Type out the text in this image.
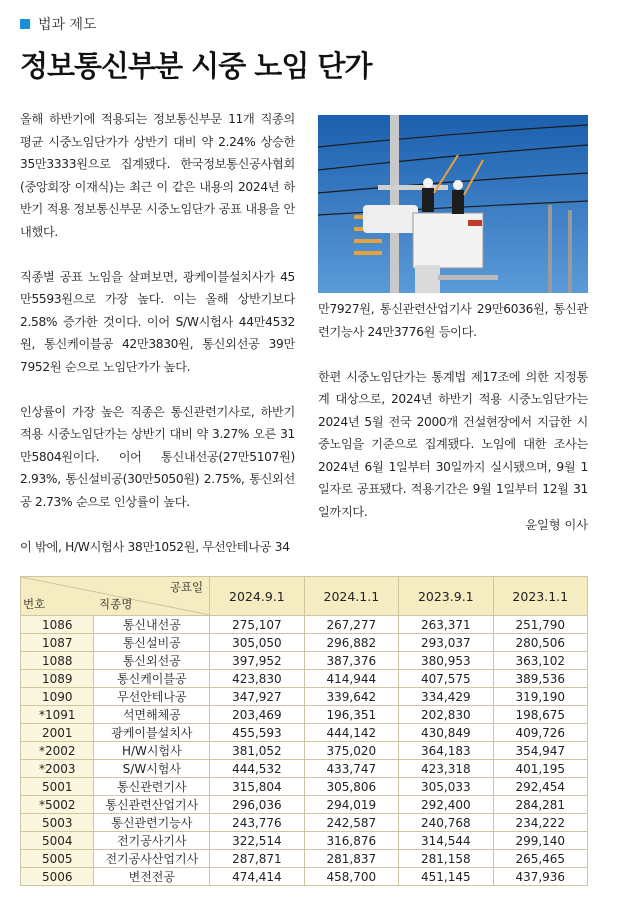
법과 제도
정보통신부분 시중 노임 단가

올해 하반기에 적용되는 정보통신부문 11개 직종의 평균 시중노임단가가 상반기 대비 약 2.24% 상승한 35만3333원으로 집계됐다. 한국정보통신공사협회(중앙회장 이재식)는 최근 이 같은 내용의 2024년 하반기 적용 정보통신부문 시중노임단가 공표 내용을 안내했다.

직종별 공표 노임을 살펴보면, 광케이블설치사가 45만5593원으로 가장 높다. 이는 올해 상반기보다 2.58% 증가한 것이다. 이어 S/W시험사 44만4532원, 통신케이블공 42만3830원, 통신외선공 39만7952원 순으로 노임단가가 높다.

인상률이 가장 높은 직종은 통신관련기사로, 하반기 적용 시중노임단가는 상반기 대비 약 3.27% 오른 31만5804원이다. 이어 통신내선공(27만5107원) 2.93%, 통신설비공(30만5050원) 2.75%, 통신외선공 2.73% 순으로 인상률이 높다.

이 밖에, H/W시험사 38만1052원, 무선안테나공 34

만7927원, 통신관련산업기사 29만6036원, 통신관련기능사 24만3776원 등이다.

한편 시중노임단가는 통계법 제17조에 의한 지정통계 대상으로, 2024년 하반기 적용 시중노임단가는 2024년 5월 전국 2000개 건설현장에서 지급한 시중노임을 기준으로 집계됐다. 노임에 대한 조사는 2024년 6월 1일부터 30일까지 실시됐으며, 9월 1일자로 공표됐다. 적용기간은 9월 1일부터 12월 31일까지다.

윤일형 이사
공표일
직종명
번호		2024.9.1	2024.1.1	2023.9.1	2023.1.1
1086	통신내선공	275,107	267,277	263,371	251,790
1087	통신설비공	305,050	296,882	293,037	280,506
1088	통신외선공	397,952	387,376	380,953	363,102
1089	통신케이블공	423,830	414,944	407,575	389,536
1090	무선안테나공	347,927	339,642	334,429	319,190
*1091	석면해체공	203,469	196,351	202,830	198,675
2001	광케이블설치사	455,593	444,142	430,849	409,726
*2002	H/W시험사	381,052	375,020	364,183	354,947
*2003	S/W시험사	444,532	433,747	423,318	401,195
5001	통신관련기사	315,804	305,806	305,033	292,454
*5002	통신관련산업기사	296,036	294,019	292,400	284,281
5003	통신관련기능사	243,776	242,587	240,768	234,222
5004	전기공사기사	322,514	316,876	314,544	299,140
5005	전기공사산업기사	287,871	281,837	281,158	265,465
5006	변전전공	474,414	458,700	451,145	437,936
